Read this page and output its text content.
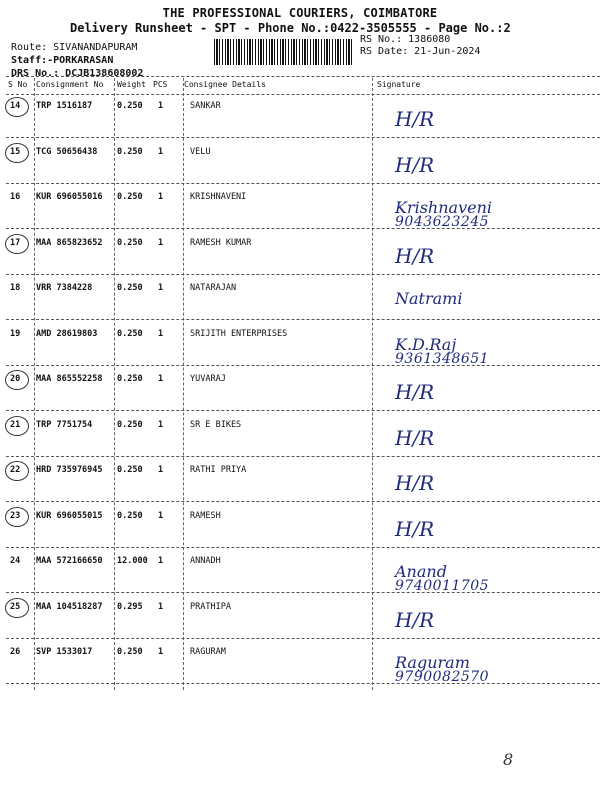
THE PROFESSIONAL COURIERS, COIMBATORE
Delivery Runsheet - SPT - Phone No.:0422-3505555 - Page No.:2
Route: SIVANANDAPURAM
Staff:-PORKARASAN
DRS No.: DCJB138608002
RS No.: 1386080
RS Date: 21-Jun-2024
S No Consignment No Weight PCS Consignee Details	Signature
14 TRP 1516187	0.250 1	SANKAR
H/R
15 TCG 50656438 0.250 1	VELU
H/R
16 KUR 696055016 0.250 1	KRISHNAVENI
Krishnaveni
9043623245
17 MAA 865823652 0.250 1	RAMESH KUMAR
H/R
18 VRR 7384228	0.250 1	NATARAJAN
Natrami
19 AMD 28619803 0.250 1	SRIJITH ENTERPRISES
K.D.Raj
9361348651
20 MAA 865552258 0.250 1	YUVARAJ
H/R
21 TRP 7751754	0.250 1	SR E BIKES
H/R
22 HRD 735976945 0.250 1	RATHI PRIYA
H/R
23 KUR 696055015 0.250 1	RAMESH
H/R
24 MAA 572166650 12.000 1	ANNADH
Anand
9740011705
25 MAA 104518287 0.295 1	PRATHIPA
H/R
26 SVP 1533017	0.250 1	RAGURAM
Raguram
9790082570
8
